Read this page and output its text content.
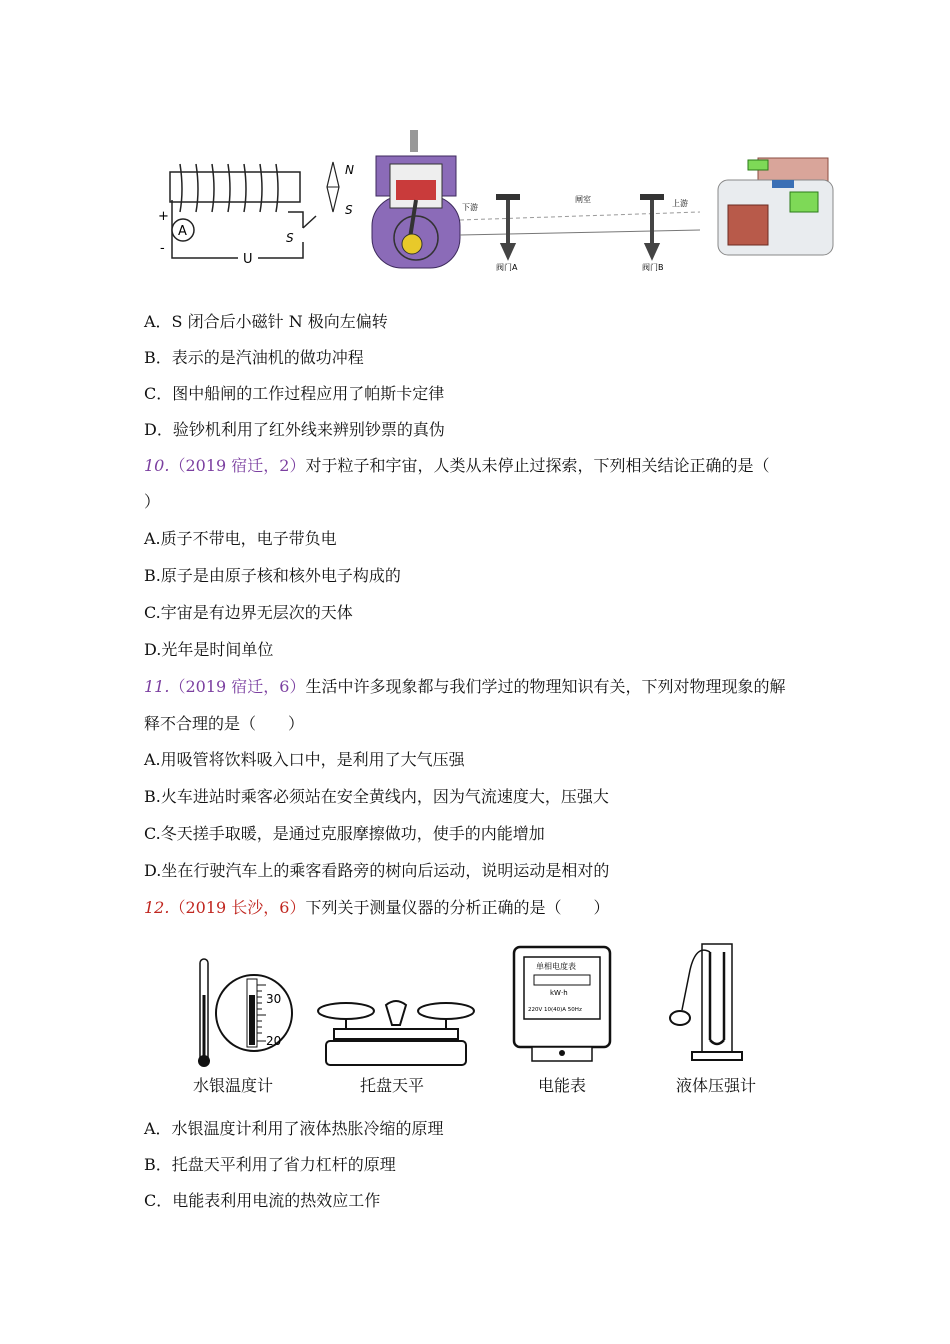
A
+
-
U
S
N
S	下游	上游
闸室
阀门A	阀门B
A．S 闭合后小磁针 N 极向左偏转
B．表示的是汽油机的做功冲程
C．图中船闸的工作过程应用了帕斯卡定律
D．验钞机利用了红外线来辨别钞票的真伪
10.（2019 宿迁，2）对于粒子和宇宙，人类从未停止过探索，下列相关结论正确的是（
）
A.质子不带电，电子带负电
B.原子是由原子核和核外电子构成的
C.宇宙是有边界无层次的天体
D.光年是时间单位
11.（2019 宿迁，6）生活中许多现象都与我们学过的物理知识有关，下列对物理现象的解
释不合理的是（　　）
A.用吸管将饮料吸入口中，是利用了大气压强
B.火车进站时乘客必须站在安全黄线内，因为气流速度大，压强大
C.冬天搓手取暖，是通过克服摩擦做功，使手的内能增加
D.坐在行驶汽车上的乘客看路旁的树向后运动，说明运动是相对的
12.（2019 长沙，6）下列关于测量仪器的分析正确的是（　　）
30
20
水银温度计	托盘天平
单相电度表
kW·h
220V 10(40)A 50Hz
电能表	液体压强计
A．水银温度计利用了液体热胀冷缩的原理
B．托盘天平利用了省力杠杆的原理
C．电能表利用电流的热效应工作
